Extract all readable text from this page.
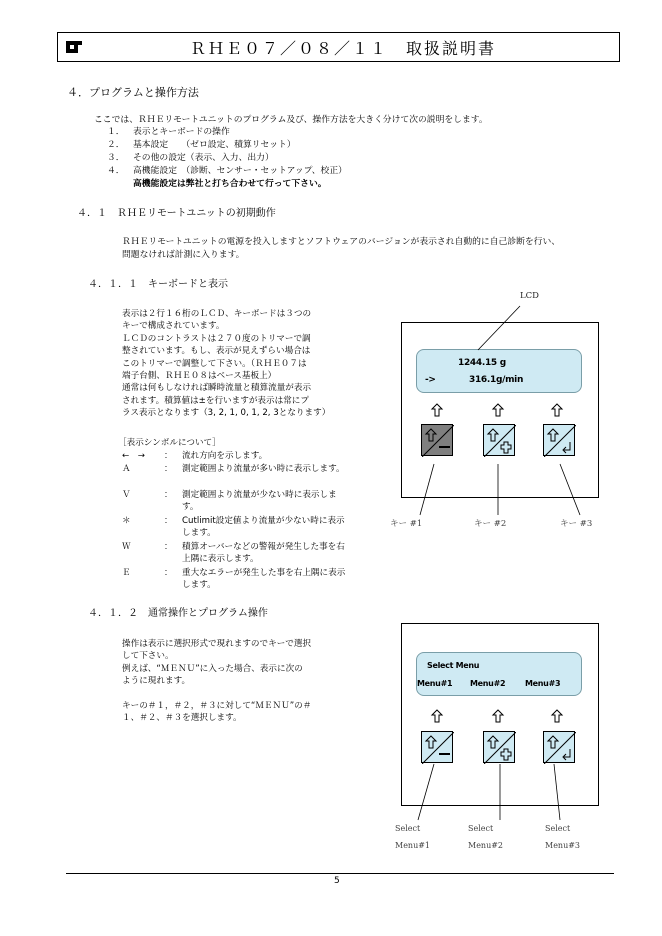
ＲＨＥ０７／０８／１１　取扱説明書
４．プログラムと操作方法
ここでは、ＲＨＥリモートユニットのプログラム及び、操作方法を大きく分けて次の説明をします。
１． 表示とキーボードの操作
２． 基本設定　　（ゼロ設定、積算リセット）
３． その他の設定（表示、入力、出力）
４． 高機能設定　（診断、センサー・セットアップ、校正）
高機能設定は弊社と打ち合わせて行って下さい。
４．１　ＲＨＥリモートユニットの初期動作
ＲＨＥリモートユニットの電源を投入しますとソフトウェアのバージョンが表示され自動的に自己診断を行い、
問題なければ計測に入ります。
４．１．１　キーボードと表示
表示は２行１６桁のＬＣＤ、キーボードは３つの
キーで構成されています。
ＬＣＤのコントラストは２７０度のトリマーで調
整されています。もし、表示が見えずらい場合は
このトリマーで調整して下さい。（ＲＨＥ０７は
端子台側、ＲＨＥ０８はベース基板上）
通常は何もしなければ瞬時流量と積算流量が表示
されます。積算値は±を行いますが表示は常にプ
ラス表示となります（3, 2, 1, 0, 1, 2, 3となります）
［表示シンボルについて］
←　→ ： 流れ方向を示します。
Ａ	： 測定範囲より流量が多い時に表示します。
Ｖ	： 測定範囲より流量が少ない時に表示します。
＊	： Cutlimit設定値より流量が少ない時に表示します。
Ｗ	： 積算オーバーなどの警報が発生した事を右上隅に表示します。
Ｅ	： 重大なエラーが発生した事を右上隅に表示します。
LCD
1244.15 g
->	316.1g/min
キー #1	キー #2	キー #3
４．１．２　通常操作とプログラム操作
操作は表示に選択形式で現れますのでキーで選択
して下さい。
例えば、“ＭＥＮＵ”に入った場合、表示に次の
ように現れます。
キーの＃１，＃２，＃３に対して“ＭＥＮＵ”の＃
１、＃２、＃３を選択します。
Select Menu
Menu#1 Menu#2 Menu#3
Select
Menu#1
Select
Menu#2
Select
Menu#3
5
